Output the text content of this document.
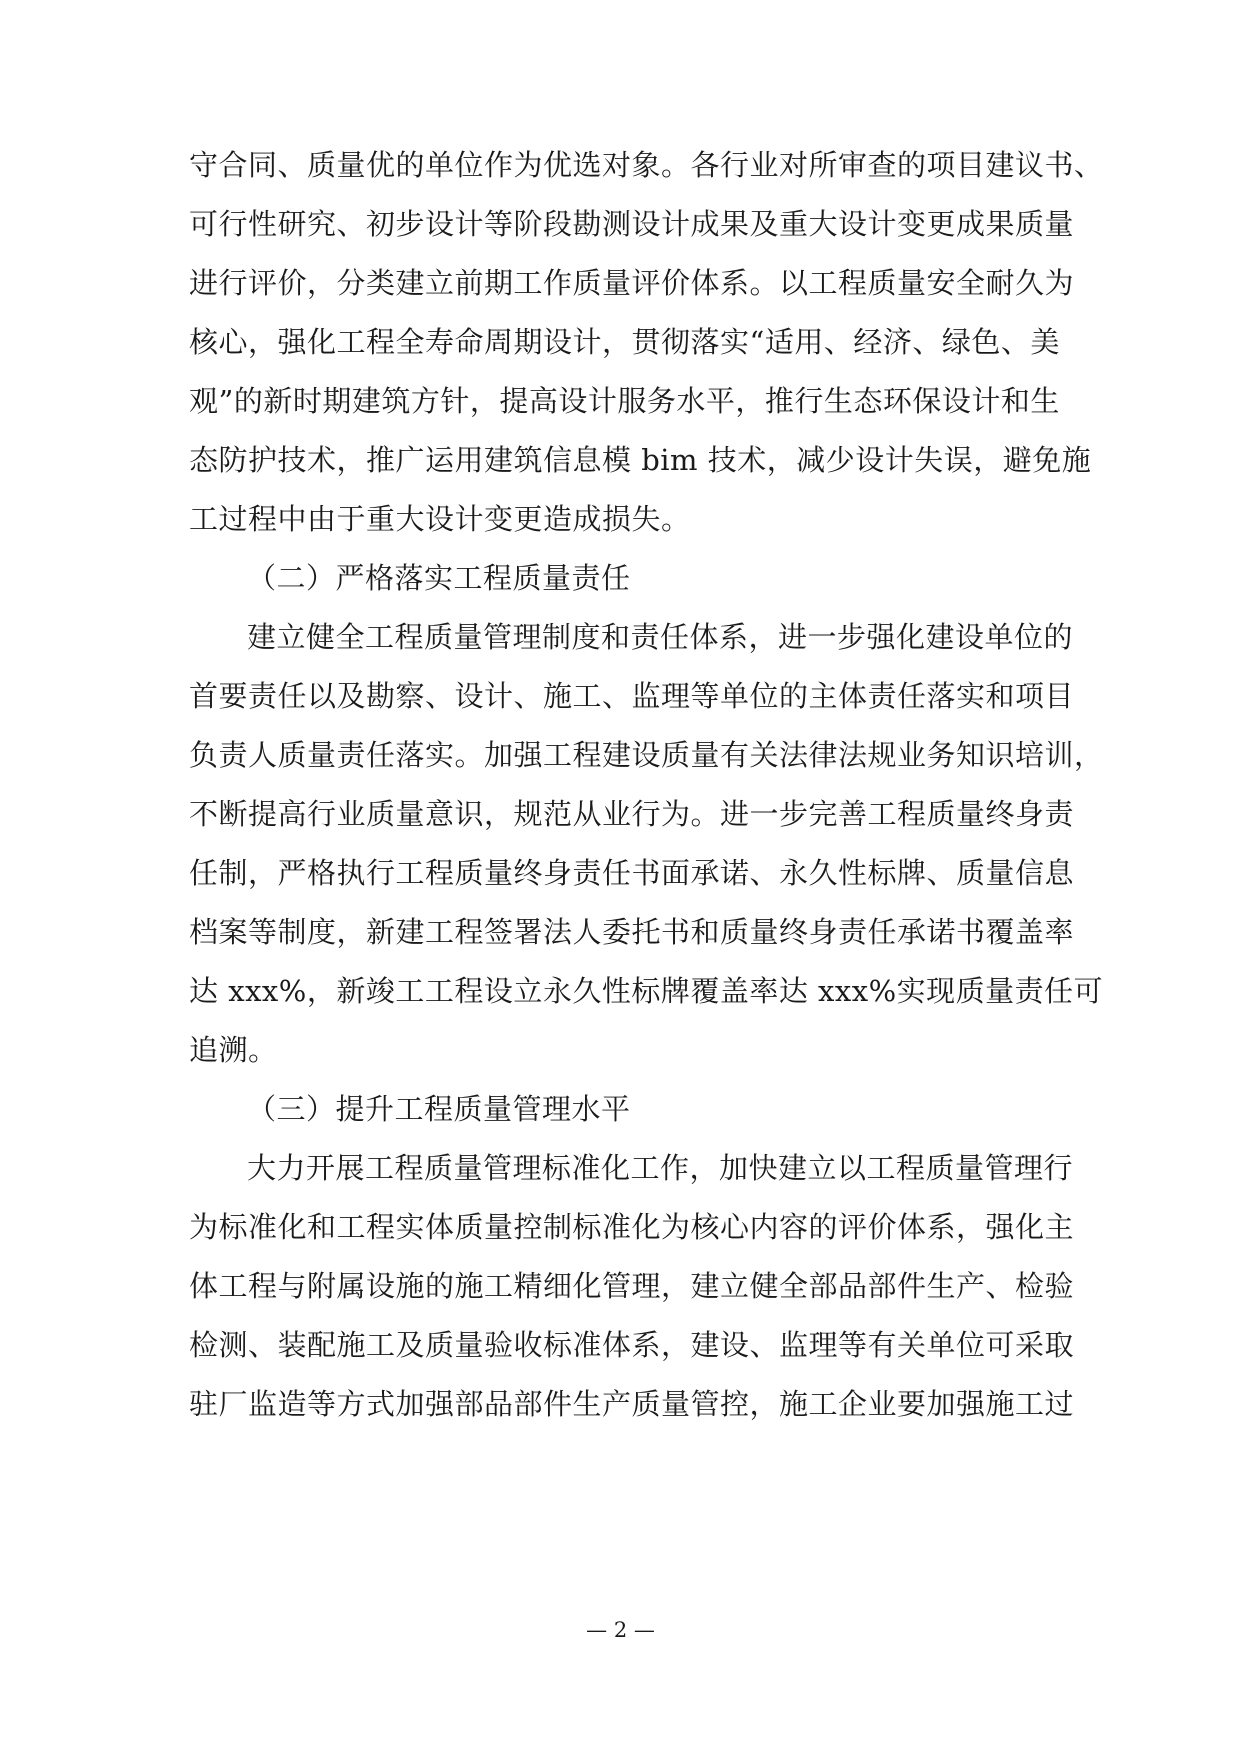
守合同、质量优的单位作为优选对象。各行业对所审查的项目建议书、
可行性研究、初步设计等阶段勘测设计成果及重大设计变更成果质量
进行评价，分类建立前期工作质量评价体系。以工程质量安全耐久为
核心，强化工程全寿命周期设计，贯彻落实“适用、经济、绿色、美
观”的新时期建筑方针，提高设计服务水平，推行生态环保设计和生
态防护技术，推广运用建筑信息模 bim 技术，减少设计失误，避免施
工过程中由于重大设计变更造成损失。
（二）严格落实工程质量责任
建立健全工程质量管理制度和责任体系，进一步强化建设单位的
首要责任以及勘察、设计、施工、监理等单位的主体责任落实和项目
负责人质量责任落实。加强工程建设质量有关法律法规业务知识培训，
不断提高行业质量意识，规范从业行为。进一步完善工程质量终身责
任制，严格执行工程质量终身责任书面承诺、永久性标牌、质量信息
档案等制度，新建工程签署法人委托书和质量终身责任承诺书覆盖率
达 xxx%，新竣工工程设立永久性标牌覆盖率达 xxx%实现质量责任可
追溯。
（三）提升工程质量管理水平
大力开展工程质量管理标准化工作，加快建立以工程质量管理行
为标准化和工程实体质量控制标准化为核心内容的评价体系，强化主
体工程与附属设施的施工精细化管理，建立健全部品部件生产、检验
检测、装配施工及质量验收标准体系，建设、监理等有关单位可采取
驻厂监造等方式加强部品部件生产质量管控，施工企业要加强施工过
— 2 —
